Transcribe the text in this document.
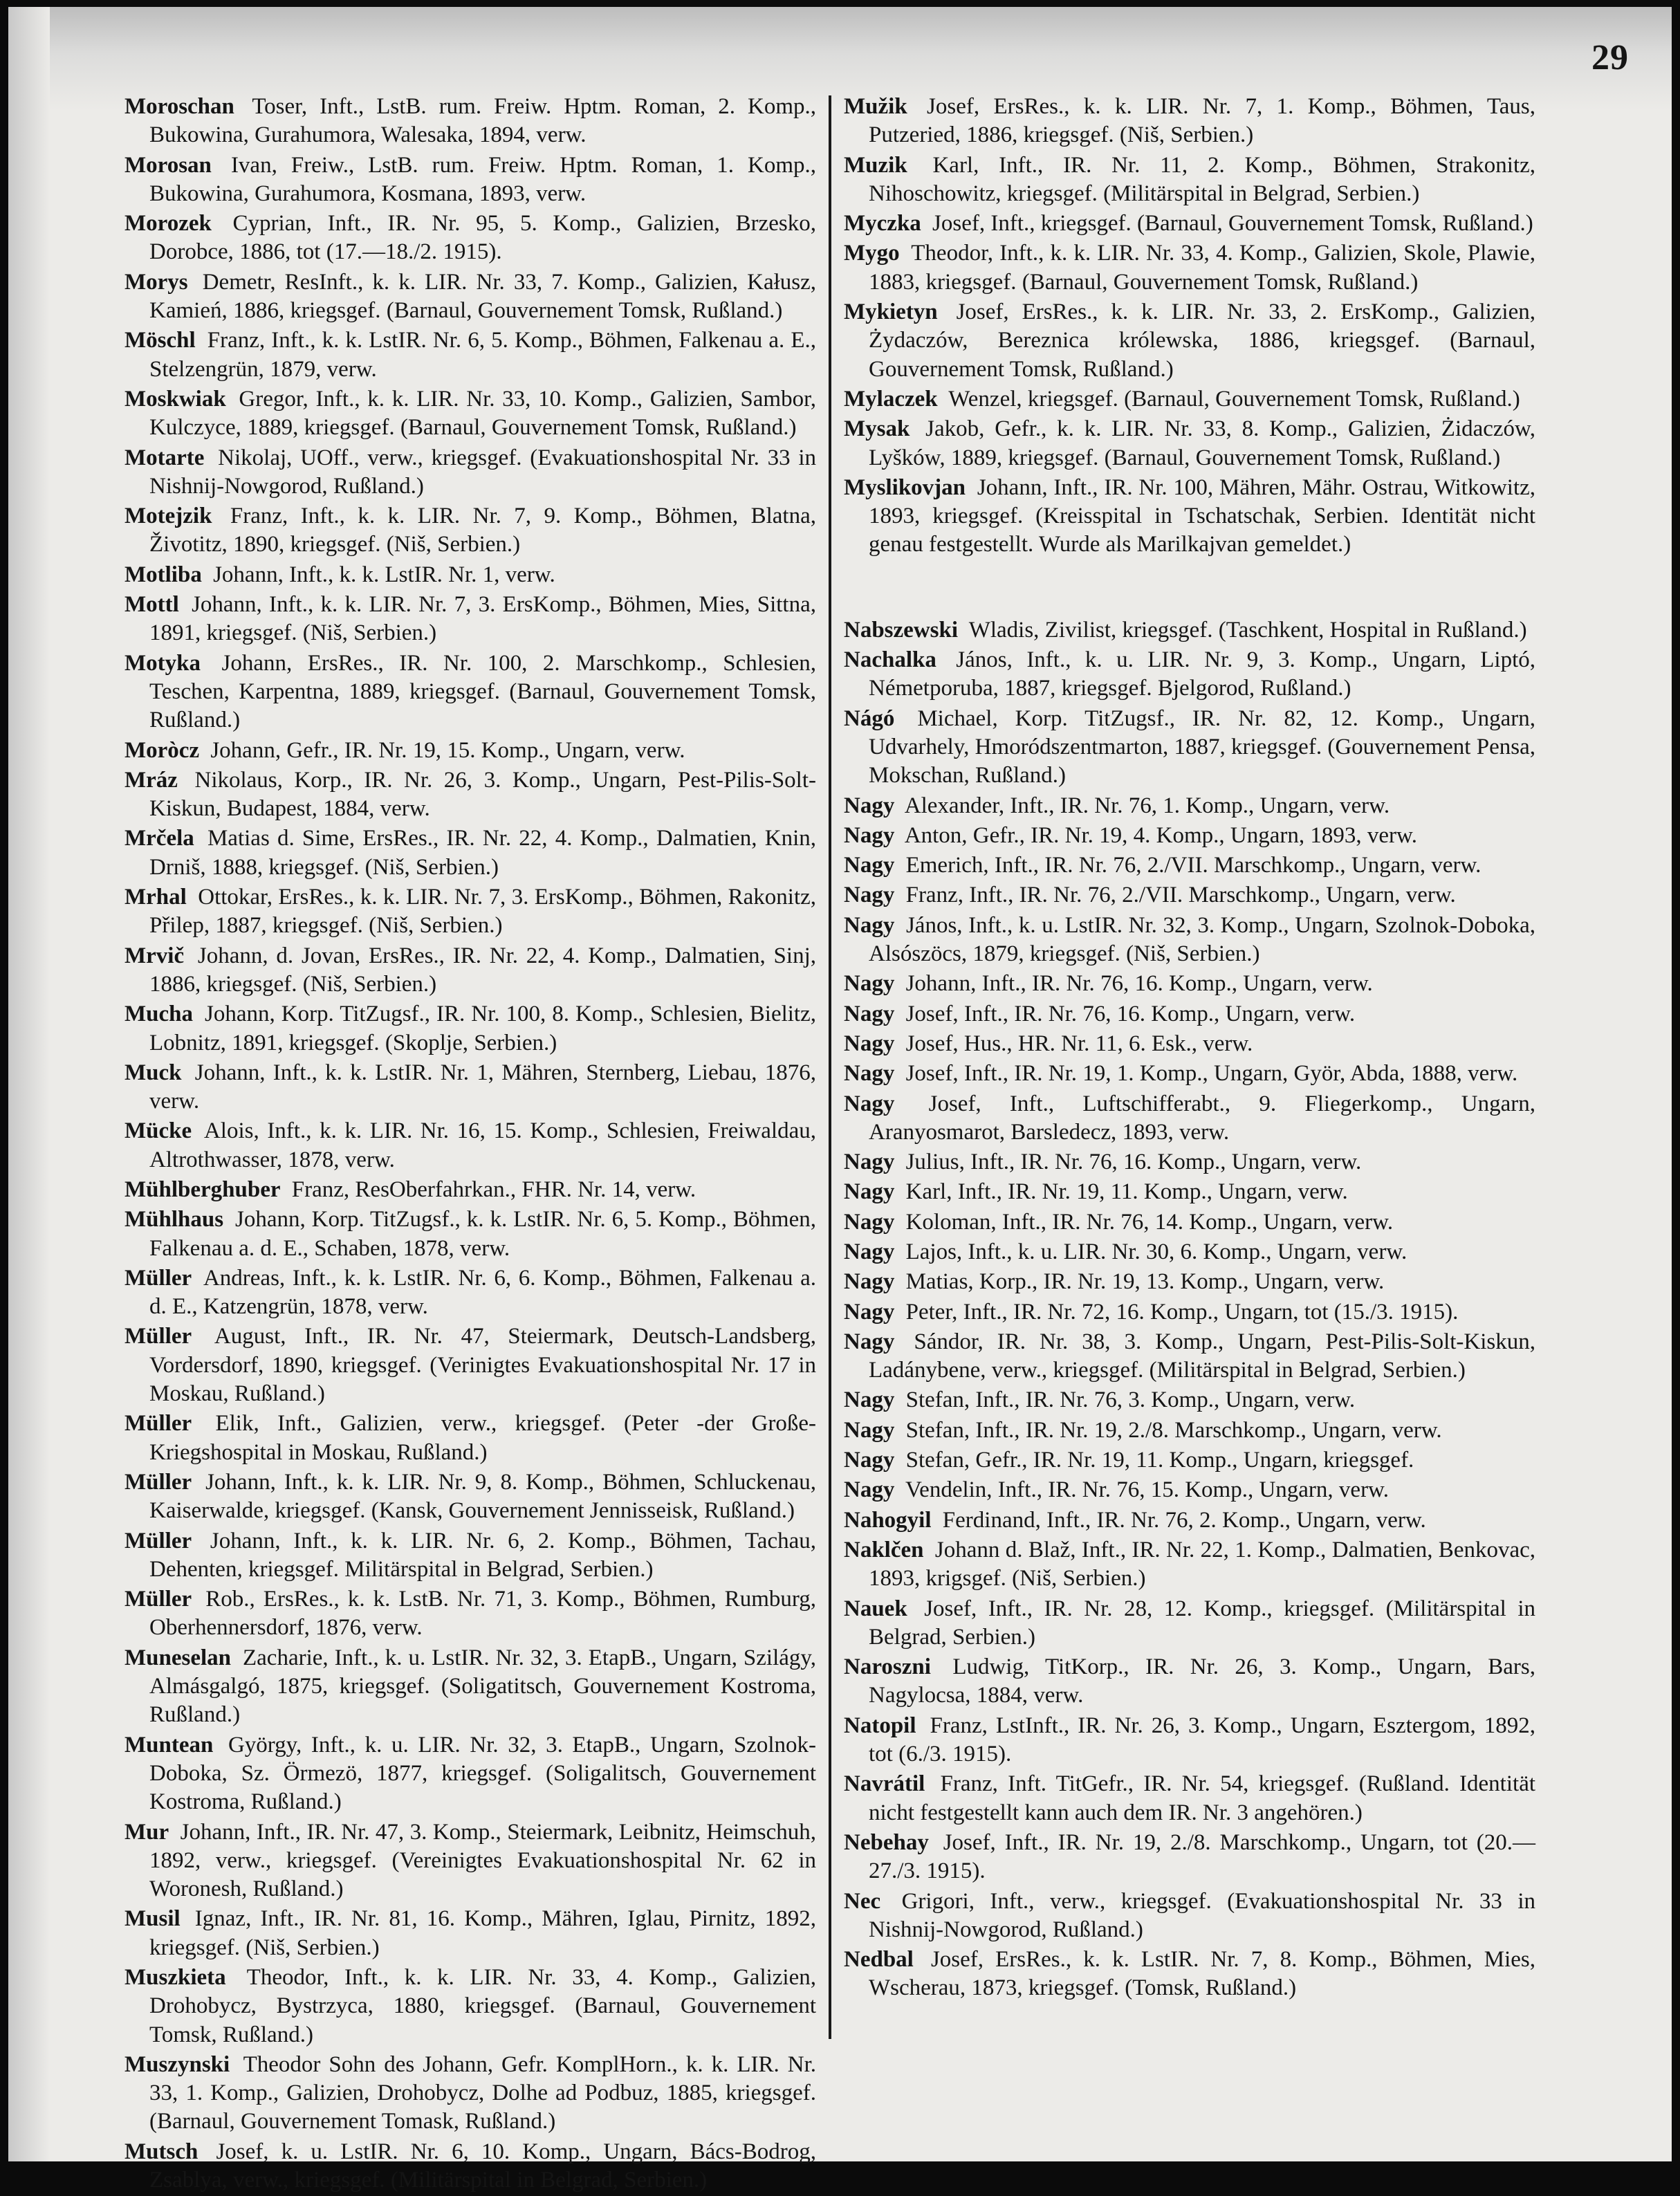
29

Moroschan Toser, Inft., LstB. rum. Freiw. Hptm. Roman, 2. Komp., Bukowina, Gurahumora, Walesaka, 1894, verw.

Morosan Ivan, Freiw., LstB. rum. Freiw. Hptm. Roman, 1. Komp., Bukowina, Gurahumora, Kosmana, 1893, verw.

Morozek Cyprian, Inft., IR. Nr. 95, 5. Komp., Galizien, Brzesko, Dorobce, 1886, tot (17.—18./2. 1915).

Morys Demetr, ResInft., k. k. LIR. Nr. 33, 7. Komp., Galizien, Kałusz, Kamień, 1886, kriegsgef. (Barnaul, Gouvernement Tomsk, Rußland.)

Möschl Franz, Inft., k. k. LstIR. Nr. 6, 5. Komp., Böhmen, Falkenau a. E., Stelzengrün, 1879, verw.

Moskwiak Gregor, Inft., k. k. LIR. Nr. 33, 10. Komp., Galizien, Sambor, Kulczyce, 1889, kriegsgef. (Barnaul, Gouvernement Tomsk, Rußland.)

Motarte Nikolaj, UOff., verw., kriegsgef. (Evakuationshospital Nr. 33 in Nishnij-Nowgorod, Rußland.)

Motejzik Franz, Inft., k. k. LIR. Nr. 7, 9. Komp., Böhmen, Blatna, Životitz, 1890, kriegsgef. (Niš, Serbien.)

Motliba Johann, Inft., k. k. LstIR. Nr. 1, verw.

Mottl Johann, Inft., k. k. LIR. Nr. 7, 3. ErsKomp., Böhmen, Mies, Sittna, 1891, kriegsgef. (Niš, Serbien.)

Motyka Johann, ErsRes., IR. Nr. 100, 2. Marschkomp., Schlesien, Teschen, Karpentna, 1889, kriegsgef. (Barnaul, Gouvernement Tomsk, Rußland.)

Moròcz Johann, Gefr., IR. Nr. 19, 15. Komp., Ungarn, verw.

Mráz Nikolaus, Korp., IR. Nr. 26, 3. Komp., Ungarn, Pest-Pilis-Solt-Kiskun, Budapest, 1884, verw.

Mrčela Matias d. Sime, ErsRes., IR. Nr. 22, 4. Komp., Dalmatien, Knin, Drniš, 1888, kriegsgef. (Niš, Serbien.)

Mrhal Ottokar, ErsRes., k. k. LIR. Nr. 7, 3. ErsKomp., Böhmen, Rakonitz, Přilep, 1887, kriegsgef. (Niš, Serbien.)

Mrvič Johann, d. Jovan, ErsRes., IR. Nr. 22, 4. Komp., Dalmatien, Sinj, 1886, kriegsgef. (Niš, Serbien.)

Mucha Johann, Korp. TitZugsf., IR. Nr. 100, 8. Komp., Schlesien, Bielitz, Lobnitz, 1891, kriegsgef. (Skoplje, Serbien.)

Muck Johann, Inft., k. k. LstIR. Nr. 1, Mähren, Sternberg, Liebau, 1876, verw.

Mücke Alois, Inft., k. k. LIR. Nr. 16, 15. Komp., Schlesien, Freiwaldau, Altrothwasser, 1878, verw.

Mühlberghuber Franz, ResOberfahrkan., FHR. Nr. 14, verw.

Mühlhaus Johann, Korp. TitZugsf., k. k. LstIR. Nr. 6, 5. Komp., Böhmen, Falkenau a. d. E., Schaben, 1878, verw.

Müller Andreas, Inft., k. k. LstIR. Nr. 6, 6. Komp., Böhmen, Falkenau a. d. E., Katzengrün, 1878, verw.

Müller August, Inft., IR. Nr. 47, Steiermark, Deutsch-Landsberg, Vordersdorf, 1890, kriegsgef. (Verinigtes Evakuationshospital Nr. 17 in Moskau, Rußland.)

Müller Elik, Inft., Galizien, verw., kriegsgef. (Peter -der Große-Kriegshospital in Moskau, Rußland.)

Müller Johann, Inft., k. k. LIR. Nr. 9, 8. Komp., Böhmen, Schluckenau, Kaiserwalde, kriegsgef. (Kansk, Gouvernement Jennisseisk, Rußland.)

Müller Johann, Inft., k. k. LIR. Nr. 6, 2. Komp., Böhmen, Tachau, Dehenten, kriegsgef. Militärspital in Belgrad, Serbien.)

Müller Rob., ErsRes., k. k. LstB. Nr. 71, 3. Komp., Böhmen, Rumburg, Oberhennersdorf, 1876, verw.

Muneselan Zacharie, Inft., k. u. LstIR. Nr. 32, 3. EtapB., Ungarn, Szilágy, Almásgalgó, 1875, kriegsgef. (Soligatitsch, Gouvernement Kostroma, Rußland.)

Muntean György, Inft., k. u. LIR. Nr. 32, 3. EtapB., Ungarn, Szolnok-Doboka, Sz. Örmezö, 1877, kriegsgef. (Soligalitsch, Gouvernement Kostroma, Rußland.)

Mur Johann, Inft., IR. Nr. 47, 3. Komp., Steiermark, Leibnitz, Heimschuh, 1892, verw., kriegsgef. (Vereinigtes Evakuationshospital Nr. 62 in Woronesh, Rußland.)

Musil Ignaz, Inft., IR. Nr. 81, 16. Komp., Mähren, Iglau, Pirnitz, 1892, kriegsgef. (Niš, Serbien.)

Muszkieta Theodor, Inft., k. k. LIR. Nr. 33, 4. Komp., Galizien, Drohobycz, Bystrzyca, 1880, kriegsgef. (Barnaul, Gouvernement Tomsk, Rußland.)

Muszynski Theodor Sohn des Johann, Gefr. KomplHorn., k. k. LIR. Nr. 33, 1. Komp., Galizien, Drohobycz, Dolhe ad Podbuz, 1885, kriegsgef. (Barnaul, Gouvernement Tomask, Rußland.)

Mutsch Josef, k. u. LstIR. Nr. 6, 10. Komp., Ungarn, Bács-Bodrog, Zsablya, verw., kriegsgef. (Militärspital in Belgrad, Serbien.)

Mužik Josef, ErsRes., k. k. LIR. Nr. 7, 1. Komp., Böhmen, Taus, Putzeried, 1886, kriegsgef. (Niš, Serbien.)

Muzik Karl, Inft., IR. Nr. 11, 2. Komp., Böhmen, Strakonitz, Nihoschowitz, kriegsgef. (Militärspital in Belgrad, Serbien.)

Myczka Josef, Inft., kriegsgef. (Barnaul, Gouvernement Tomsk, Rußland.)

Mygo Theodor, Inft., k. k. LIR. Nr. 33, 4. Komp., Galizien, Skole, Plawie, 1883, kriegsgef. (Barnaul, Gouvernement Tomsk, Rußland.)

Mykietyn Josef, ErsRes., k. k. LIR. Nr. 33, 2. ErsKomp., Galizien, Żydaczów, Bereznica królewska, 1886, kriegsgef. (Barnaul, Gouvernement Tomsk, Rußland.)

Mylaczek Wenzel, kriegsgef. (Barnaul, Gouvernement Tomsk, Rußland.)

Mysak Jakob, Gefr., k. k. LIR. Nr. 33, 8. Komp., Galizien, Żidaczów, Lyšków, 1889, kriegsgef. (Barnaul, Gouvernement Tomsk, Rußland.)

Myslikovjan Johann, Inft., IR. Nr. 100, Mähren, Mähr. Ostrau, Witkowitz, 1893, kriegsgef. (Kreisspital in Tschatschak, Serbien. Identität nicht genau festgestellt. Wurde als Marilkajvan gemeldet.)

Nabszewski Wladis, Zivilist, kriegsgef. (Taschkent, Hospital in Rußland.)

Nachalka János, Inft., k. u. LIR. Nr. 9, 3. Komp., Ungarn, Liptó, Németporuba, 1887, kriegsgef. Bjelgorod, Rußland.)

Nágó Michael, Korp. TitZugsf., IR. Nr. 82, 12. Komp., Ungarn, Udvarhely, Hmoródszentmarton, 1887, kriegsgef. (Gouvernement Pensa, Mokschan, Rußland.)

Nagy Alexander, Inft., IR. Nr. 76, 1. Komp., Ungarn, verw.

Nagy Anton, Gefr., IR. Nr. 19, 4. Komp., Ungarn, 1893, verw.

Nagy Emerich, Inft., IR. Nr. 76, 2./VII. Marschkomp., Ungarn, verw.

Nagy Franz, Inft., IR. Nr. 76, 2./VII. Marschkomp., Ungarn, verw.

Nagy János, Inft., k. u. LstIR. Nr. 32, 3. Komp., Ungarn, Szolnok-Doboka, Alsószöcs, 1879, kriegsgef. (Niš, Serbien.)

Nagy Johann, Inft., IR. Nr. 76, 16. Komp., Ungarn, verw.

Nagy Josef, Inft., IR. Nr. 76, 16. Komp., Ungarn, verw.

Nagy Josef, Hus., HR. Nr. 11, 6. Esk., verw.

Nagy Josef, Inft., IR. Nr. 19, 1. Komp., Ungarn, Györ, Abda, 1888, verw.

Nagy Josef, Inft., Luftschifferabt., 9. Fliegerkomp., Ungarn, Aranyosmarot, Barsledecz, 1893, verw.

Nagy Julius, Inft., IR. Nr. 76, 16. Komp., Ungarn, verw.

Nagy Karl, Inft., IR. Nr. 19, 11. Komp., Ungarn, verw.

Nagy Koloman, Inft., IR. Nr. 76, 14. Komp., Ungarn, verw.

Nagy Lajos, Inft., k. u. LIR. Nr. 30, 6. Komp., Ungarn, verw.

Nagy Matias, Korp., IR. Nr. 19, 13. Komp., Ungarn, verw.

Nagy Peter, Inft., IR. Nr. 72, 16. Komp., Ungarn, tot (15./3. 1915).

Nagy Sándor, IR. Nr. 38, 3. Komp., Ungarn, Pest-Pilis-Solt-Kiskun, Ladánybene, verw., kriegsgef. (Militärspital in Belgrad, Serbien.)

Nagy Stefan, Inft., IR. Nr. 76, 3. Komp., Ungarn, verw.

Nagy Stefan, Inft., IR. Nr. 19, 2./8. Marschkomp., Ungarn, verw.

Nagy Stefan, Gefr., IR. Nr. 19, 11. Komp., Ungarn, kriegsgef.

Nagy Vendelin, Inft., IR. Nr. 76, 15. Komp., Ungarn, verw.

Nahogyil Ferdinand, Inft., IR. Nr. 76, 2. Komp., Ungarn, verw.

Naklčen Johann d. Blaž, Inft., IR. Nr. 22, 1. Komp., Dalmatien, Benkovac, 1893, krigsgef. (Niš, Serbien.)

Nauek Josef, Inft., IR. Nr. 28, 12. Komp., kriegsgef. (Militärspital in Belgrad, Serbien.)

Naroszni Ludwig, TitKorp., IR. Nr. 26, 3. Komp., Ungarn, Bars, Nagylocsa, 1884, verw.

Natopil Franz, LstInft., IR. Nr. 26, 3. Komp., Ungarn, Esztergom, 1892, tot (6./3. 1915).

Navrátil Franz, Inft. TitGefr., IR. Nr. 54, kriegsgef. (Rußland. Identität nicht festgestellt kann auch dem IR. Nr. 3 angehören.)

Nebehay Josef, Inft., IR. Nr. 19, 2./8. Marschkomp., Ungarn, tot (20.—27./3. 1915).

Nec Grigori, Inft., verw., kriegsgef. (Evakuationshospital Nr. 33 in Nishnij-Nowgorod, Rußland.)

Nedbal Josef, ErsRes., k. k. LstIR. Nr. 7, 8. Komp., Böhmen, Mies, Wscherau, 1873, kriegsgef. (Tomsk, Rußland.)
